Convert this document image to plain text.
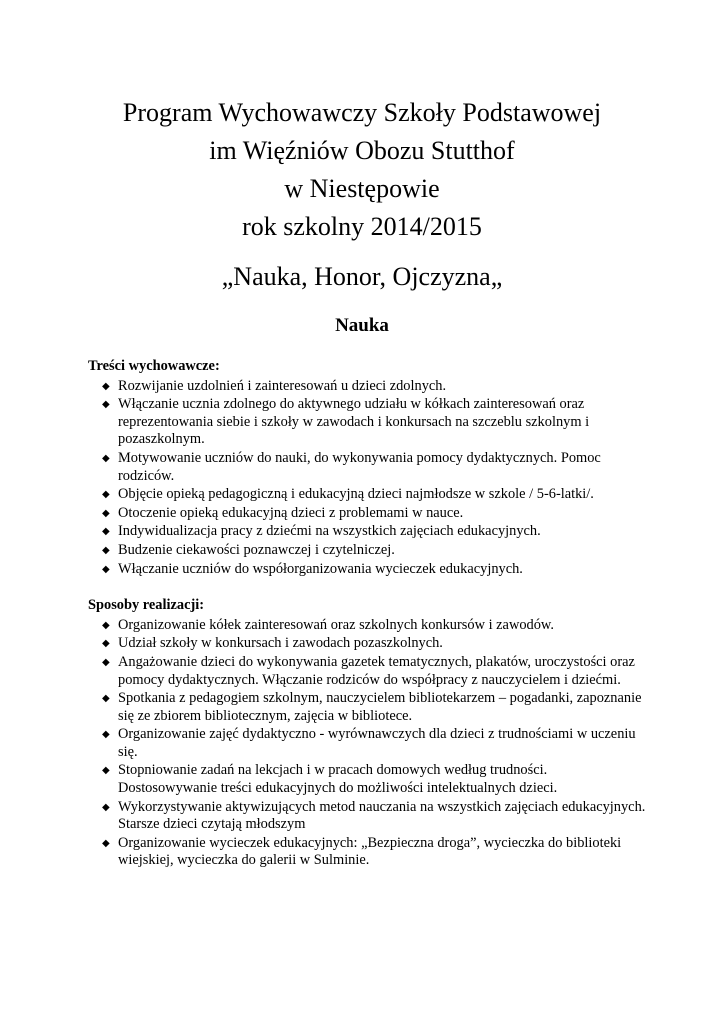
Program Wychowawczy Szkoły Podstawowej
im Więźniów Obozu Stutthof
w Niestępowie
rok szkolny 2014/2015
„Nauka, Honor, Ojczyzna„
Nauka
Treści wychowawcze:
◆ Rozwijanie uzdolnień i zainteresowań u dzieci zdolnych.
◆ Włączanie ucznia zdolnego do aktywnego udziału w kółkach zainteresowań oraz reprezentowania siebie i szkoły w zawodach i konkursach na szczeblu szkolnym i pozaszkolnym.
◆ Motywowanie uczniów do nauki, do wykonywania pomocy dydaktycznych. Pomoc rodziców.
◆ Objęcie opieką pedagogiczną i edukacyjną dzieci najmłodsze w szkole / 5-6-latki/.
◆ Otoczenie opieką edukacyjną dzieci z problemami w nauce.
◆ Indywidualizacja pracy z dziećmi na wszystkich zajęciach edukacyjnych.
◆ Budzenie ciekawości poznawczej i czytelniczej.
◆ Włączanie uczniów do współorganizowania wycieczek edukacyjnych.
Sposoby realizacji:
◆ Organizowanie kółek zainteresowań oraz szkolnych konkursów i zawodów.
◆ Udział szkoły w konkursach i zawodach pozaszkolnych.
◆ Angażowanie dzieci do wykonywania gazetek tematycznych, plakatów, uroczystości oraz pomocy dydaktycznych. Włączanie rodziców do współpracy z nauczycielem i dziećmi.
◆ Spotkania z pedagogiem szkolnym, nauczycielem bibliotekarzem – pogadanki, zapoznanie się ze zbiorem bibliotecznym, zajęcia w bibliotece.
◆ Organizowanie zajęć dydaktyczno - wyrównawczych dla dzieci z trudnościami w uczeniu się.
◆ Stopniowanie zadań na lekcjach i w pracach domowych według trudności. Dostosowywanie treści edukacyjnych do możliwości intelektualnych dzieci.
◆ Wykorzystywanie aktywizujących metod nauczania na wszystkich zajęciach edukacyjnych. Starsze dzieci czytają młodszym
◆ Organizowanie wycieczek edukacyjnych: „Bezpieczna droga”, wycieczka do biblioteki wiejskiej, wycieczka do galerii w Sulminie.
